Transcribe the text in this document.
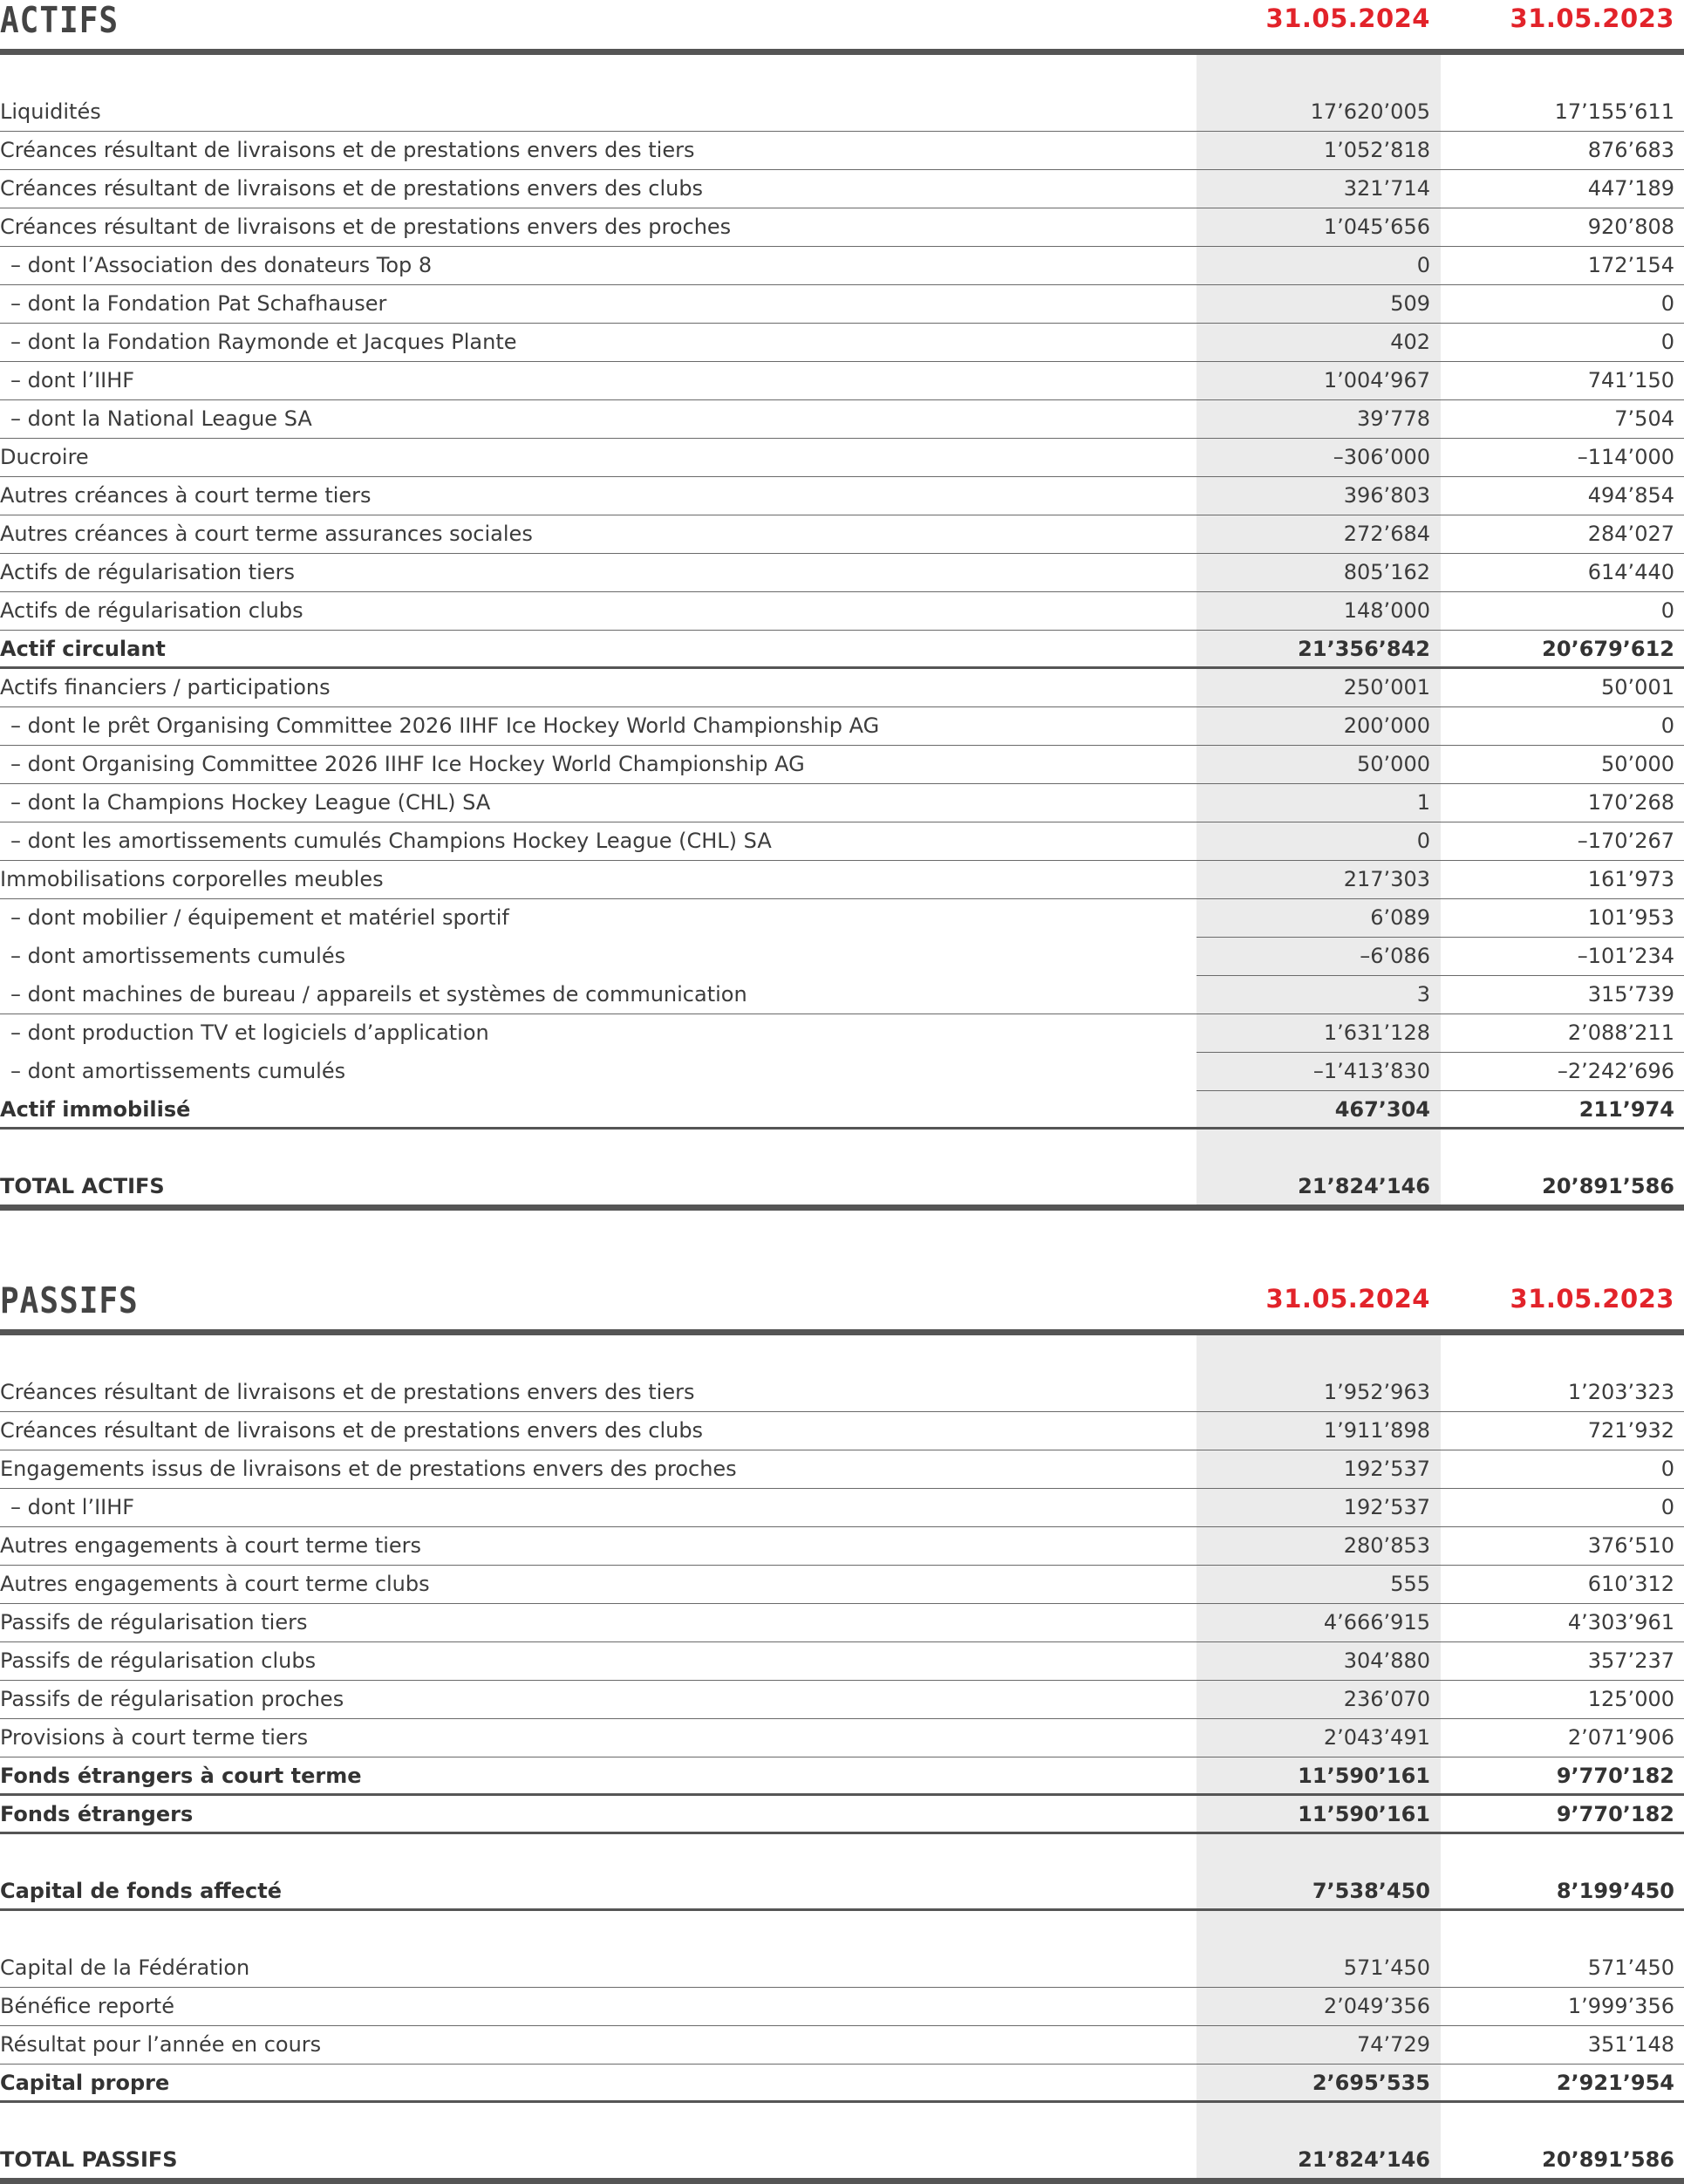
ACTIFS	31.05.2024	31.05.2023
Liquidités	17’620’005	17’155’611
Créances résultant de livraisons et de prestations envers des tiers	1’052’818	876’683
Créances résultant de livraisons et de prestations envers des clubs	321’714	447’189
Créances résultant de livraisons et de prestations envers des proches	1’045’656	920’808
– dont l’Association des donateurs Top 8	0	172’154
– dont la Fondation Pat Schafhauser	509	0
– dont la Fondation Raymonde et Jacques Plante	402	0
– dont l’IIHF	1’004’967	741’150
– dont la National League SA	39’778	7’504
Ducroire	–306’000	–114’000
Autres créances à court terme tiers	396’803	494’854
Autres créances à court terme assurances sociales	272’684	284’027
Actifs de régularisation tiers	805’162	614’440
Actifs de régularisation clubs	148’000	0
Actif circulant	21’356’842	20’679’612
Actifs financiers / participations	250’001	50’001
– dont le prêt Organising Committee 2026 IIHF Ice Hockey World Championship AG	200’000	0
– dont Organising Committee 2026 IIHF Ice Hockey World Championship AG	50’000	50’000
– dont la Champions Hockey League (CHL) SA	1	170’268
– dont les amortissements cumulés Champions Hockey League (CHL) SA	0	–170’267
Immobilisations corporelles meubles	217’303	161’973
– dont mobilier / équipement et matériel sportif	6’089	101’953
– dont amortissements cumulés	–6’086	–101’234
– dont machines de bureau / appareils et systèmes de communication	3	315’739
– dont production TV et logiciels d’application	1’631’128	2’088’211
– dont amortissements cumulés	–1’413’830	–2’242’696
Actif immobilisé	467’304	211’974
TOTAL ACTIFS	21’824’146	20’891’586
PASSIFS	31.05.2024	31.05.2023
Créances résultant de livraisons et de prestations envers des tiers	1’952’963	1’203’323
Créances résultant de livraisons et de prestations envers des clubs	1’911’898	721’932
Engagements issus de livraisons et de prestations envers des proches	192’537	0
– dont l’IIHF	192’537	0
Autres engagements à court terme tiers	280’853	376’510
Autres engagements à court terme clubs	555	610’312
Passifs de régularisation tiers	4’666’915	4’303’961
Passifs de régularisation clubs	304’880	357’237
Passifs de régularisation proches	236’070	125’000
Provisions à court terme tiers	2’043’491	2’071’906
Fonds étrangers à court terme	11’590’161	9’770’182
Fonds étrangers	11’590’161	9’770’182
Capital de fonds affecté	7’538’450	8’199’450
Capital de la Fédération	571’450	571’450
Bénéfice reporté	2’049’356	1’999’356
Résultat pour l’année en cours	74’729	351’148
Capital propre	2’695’535	2’921’954
TOTAL PASSIFS	21’824’146	20’891’586
